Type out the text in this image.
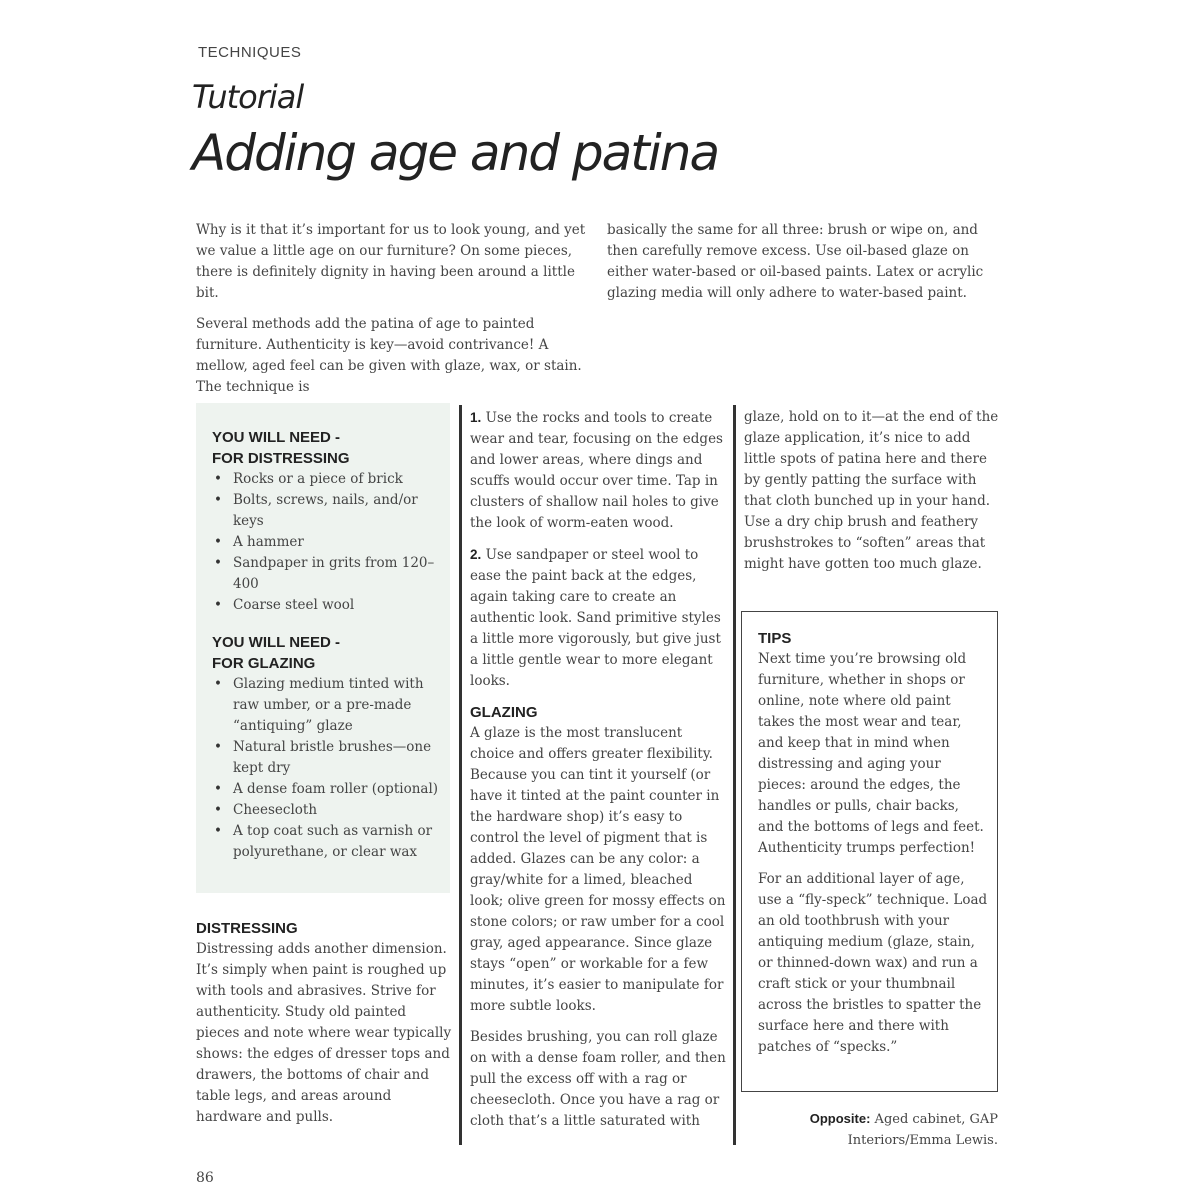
TECHNIQUES
Tutorial
Adding age and patina

Why is it that it’s important for us to look young, and yet we value a little age on our furniture? On some pieces, there is definitely dignity in having been around a little bit.

Several methods add the patina of age to painted furniture. Authenticity is key—avoid contrivance! A mellow, aged feel can be given with glaze, wax, or stain. The technique is

basically the same for all three: brush or wipe on, and then carefully remove excess. Use oil-based glaze on either water-based or oil-based paints. Latex or acrylic glazing media will only adhere to water-based paint.

YOU WILL NEED -
FOR DISTRESSING
• Rocks or a piece of brick
• Bolts, screws, nails, and/or keys
• A hammer
• Sandpaper in grits from 120–400
• Coarse steel wool
YOU WILL NEED -
FOR GLAZING
• Glazing medium tinted with raw umber, or a pre-made “antiquing” glaze
• Natural bristle brushes—one kept dry
• A dense foam roller (optional)
• Cheesecloth
• A top coat such as varnish or polyurethane, or clear wax
DISTRESSING

Distressing adds another dimension. It’s simply when paint is roughed up with tools and abrasives. Strive for authenticity. Study old painted pieces and note where wear typically shows: the edges of dresser tops and drawers, the bottoms of chair and table legs, and areas around hardware and pulls.

1. Use the rocks and tools to create wear and tear, focusing on the edges and lower areas, where dings and scuffs would occur over time. Tap in clusters of shallow nail holes to give the look of worm-eaten wood.

2. Use sandpaper or steel wool to ease the paint back at the edges, again taking care to create an authentic look. Sand primitive styles a little more vigorously, but give just a little gentle wear to more elegant looks.

GLAZING

A glaze is the most translucent choice and offers greater flexibility. Because you can tint it yourself (or have it tinted at the paint counter in the hardware shop) it’s easy to control the level of pigment that is added. Glazes can be any color: a gray/white for a limed, bleached look; olive green for mossy effects on stone colors; or raw umber for a cool gray, aged appearance. Since glaze stays “open” or workable for a few minutes, it’s easier to manipulate for more subtle looks.

Besides brushing, you can roll glaze on with a dense foam roller, and then pull the excess off with a rag or cheesecloth. Once you have a rag or cloth that’s a little saturated with

glaze, hold on to it—at the end of the glaze application, it’s nice to add little spots of patina here and there by gently patting the surface with that cloth bunched up in your hand. Use a dry chip brush and feathery brushstrokes to “soften” areas that might have gotten too much glaze.

TIPS

Next time you’re browsing old furniture, whether in shops or online, note where old paint takes the most wear and tear, and keep that in mind when distressing and aging your pieces: around the edges, the handles or pulls, chair backs, and the bottoms of legs and feet. Authenticity trumps perfection!

For an additional layer of age, use a “fly-speck” technique. Load an old toothbrush with your antiquing medium (glaze, stain, or thinned-down wax) and run a craft stick or your thumbnail across the bristles to spatter the surface here and there with patches of “specks.”

Opposite: Aged cabinet, GAP Interiors/Emma Lewis.
86
